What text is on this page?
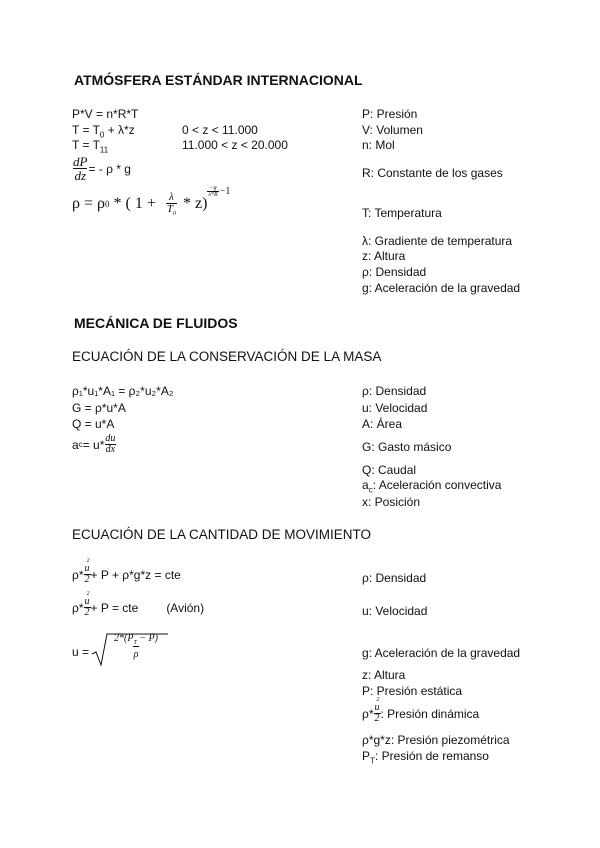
ATMÓSFERA ESTÁNDAR INTERNACIONAL
P*V = n*R*T
$T = T_0 + \lambda*z$	0 < z < 11.000
$T = T_{11}$	11.000 < z < 20.000
$\frac{dP}{dz}$ = - ρ * g
ρ = ρ 0 * ( $1 + \frac{\lambda}{T_0} * z$)
$\frac{-g}{\lambda*R} -1$
P: Presión
V: Volumen
n: Mol
R: Constante de los gases
T: Temperatura
λ: Gradiente de temperatura
z: Altura
ρ: Densidad
g: Aceleración de la gravedad
MECÁNICA DE FLUIDOS
ECUACIÓN DE LA CONSERVACIÓN DE LA MASA
ρ₁*u₁*A₁ = ρ₂*u₂*A₂
G = ρ*u*A
Q = u*A
a $c = u* \frac{du}{dx}$
ρ: Densidad
u: Velocidad
A: Área
G: Gasto másico
Q: Caudal
$a_c$: Aceleración convectiva
x: Posición
ECUACIÓN DE LA CANTIDAD DE MOVIMIENTO
$\rho* \frac{u^2}{2} + P + \rho*g*z$ = cte
$\rho* \frac{u^2}{2} + P$ = cte (Avión)
$u = \frac{2*(P_T - P)}{\rho}$
ρ: Densidad
u: Velocidad
g: Aceleración de la gravedad
z: Altura
P: Presión estática
$\rho* \frac{u^2}{2}$ : Presión dinámica
ρ*g*z: Presión piezométrica
$P_T$: Presión de remanso
